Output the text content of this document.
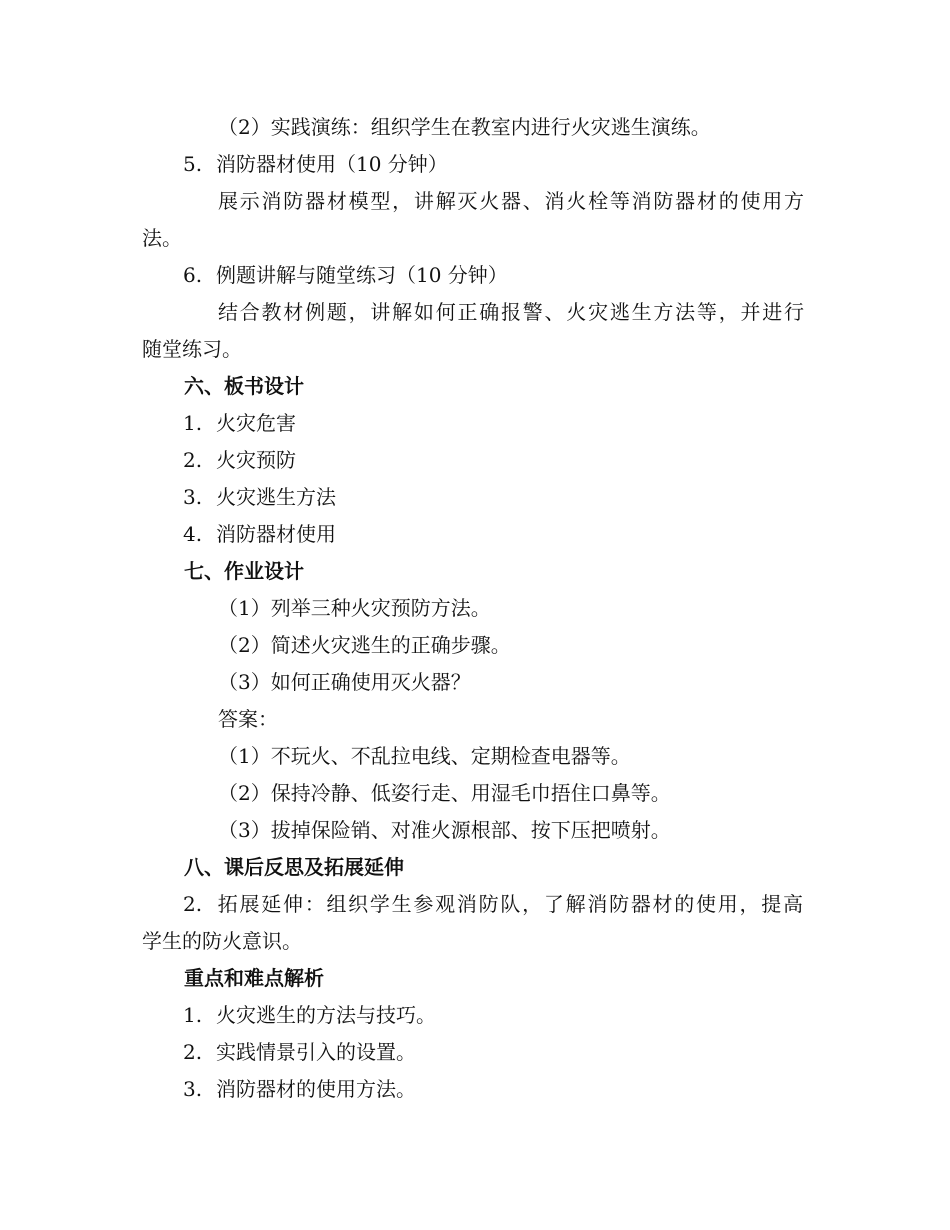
（2）实践演练：组织学生在教室内进行火灾逃生演练。
5. 消防器材使用（10 分钟）
展示消防器材模型，讲解灭火器、消火栓等消防器材的使用方
法。
6. 例题讲解与随堂练习（10 分钟）
结合教材例题，讲解如何正确报警、火灾逃生方法等，并进行
随堂练习。
六、板书设计
1. 火灾危害
2. 火灾预防
3. 火灾逃生方法
4. 消防器材使用
七、作业设计
（1）列举三种火灾预防方法。
（2）简述火灾逃生的正确步骤。
（3）如何正确使用灭火器？
答案：
（1）不玩火、不乱拉电线、定期检查电器等。
（2）保持冷静、低姿行走、用湿毛巾捂住口鼻等。
（3）拔掉保险销、对准火源根部、按下压把喷射。
八、课后反思及拓展延伸
2. 拓展延伸：组织学生参观消防队，了解消防器材的使用，提高
学生的防火意识。
重点和难点解析
1. 火灾逃生的方法与技巧。
2. 实践情景引入的设置。
3. 消防器材的使用方法。
